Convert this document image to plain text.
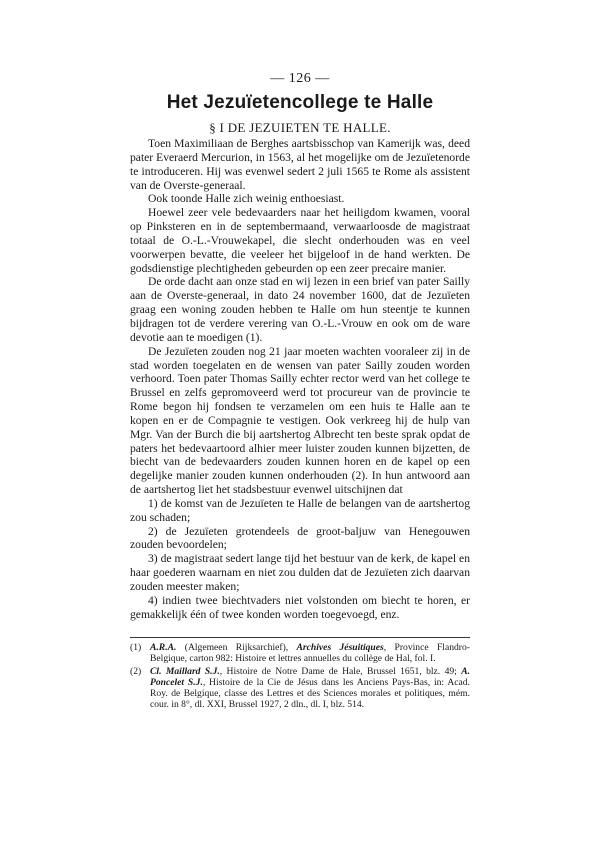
— 126 —
Het Jezuïetencollege te Halle
§ I DE JEZUIETEN TE HALLE.

Toen Maximiliaan de Berghes aartsbisschop van Kamerijk was, deed pater Everaerd Mercurion, in 1563, al het mogelijke om de Jezuïetenorde te introduceren. Hij was evenwel sedert 2 juli 1565 te Rome als assistent van de Overste-generaal.

Ook toonde Halle zich weinig enthoesiast.

Hoewel zeer vele bedevaarders naar het heiligdom kwamen, vooral op Pinksteren en in de septembermaand, verwaarloosde de magistraat totaal de O.-L.-Vrouwekapel, die slecht onderhouden was en veel voorwerpen bevatte, die veeleer het bijgeloof in de hand werkten. De godsdienstige plechtigheden gebeurden op een zeer precaire manier.

De orde dacht aan onze stad en wij lezen in een brief van pater Sailly aan de Overste-generaal, in dato 24 november 1600, dat de Jezuïeten graag een woning zouden hebben te Halle om hun steentje te kunnen bijdragen tot de verdere verering van O.-L.-Vrouw en ook om de ware devotie aan te moedigen (1).

De Jezuïeten zouden nog 21 jaar moeten wachten vooraleer zij in de stad worden toegelaten en de wensen van pater Sailly zouden worden verhoord. Toen pater Thomas Sailly echter rector werd van het college te Brussel en zelfs gepromoveerd werd tot procureur van de provincie te Rome begon hij fondsen te verzamelen om een huis te Halle aan te kopen en er de Compagnie te vestigen. Ook verkreeg hij de hulp van Mgr. Van der Burch die bij aartshertog Albrecht ten beste sprak opdat de paters het bedevaartoord alhier meer luister zouden kunnen bijzetten, de biecht van de bedevaarders zouden kunnen horen en de kapel op een degelijke manier zouden kunnen onderhouden (2). In hun antwoord aan de aartshertog liet het stadsbestuur evenwel uitschijnen dat

1) de komst van de Jezuïeten te Halle de belangen van de aartshertog zou schaden;

2) de Jezuïeten grotendeels de groot-baljuw van Henegouwen zouden bevoordelen;

3) de magistraat sedert lange tijd het bestuur van de kerk, de kapel en haar goederen waarnam en niet zou dulden dat de Jezuïeten zich daarvan zouden meester maken;

4) indien twee biechtvaders niet volstonden om biecht te horen, er gemakkelijk één of twee konden worden toegevoegd, enz.

(1) A.R.A. (Algemeen Rijksarchief), Archives Jésuitiques, Province Flandro-Belgique, carton 982: Histoire et lettres annuelles du collège de Hal, fol. I.

(2) Cl. Maillard S.J., Histoire de Notre Dame de Hale, Brussel 1651, blz. 49; A. Poncelet S.J., Histoire de la Cie de Jésus dans les Anciens Pays-Bas, in: Acad. Roy. de Belgique, classe des Lettres et des Sciences morales et politiques, mém. cour. in 8°, dl. XXI, Brussel 1927, 2 dln., dl. I, blz. 514.
